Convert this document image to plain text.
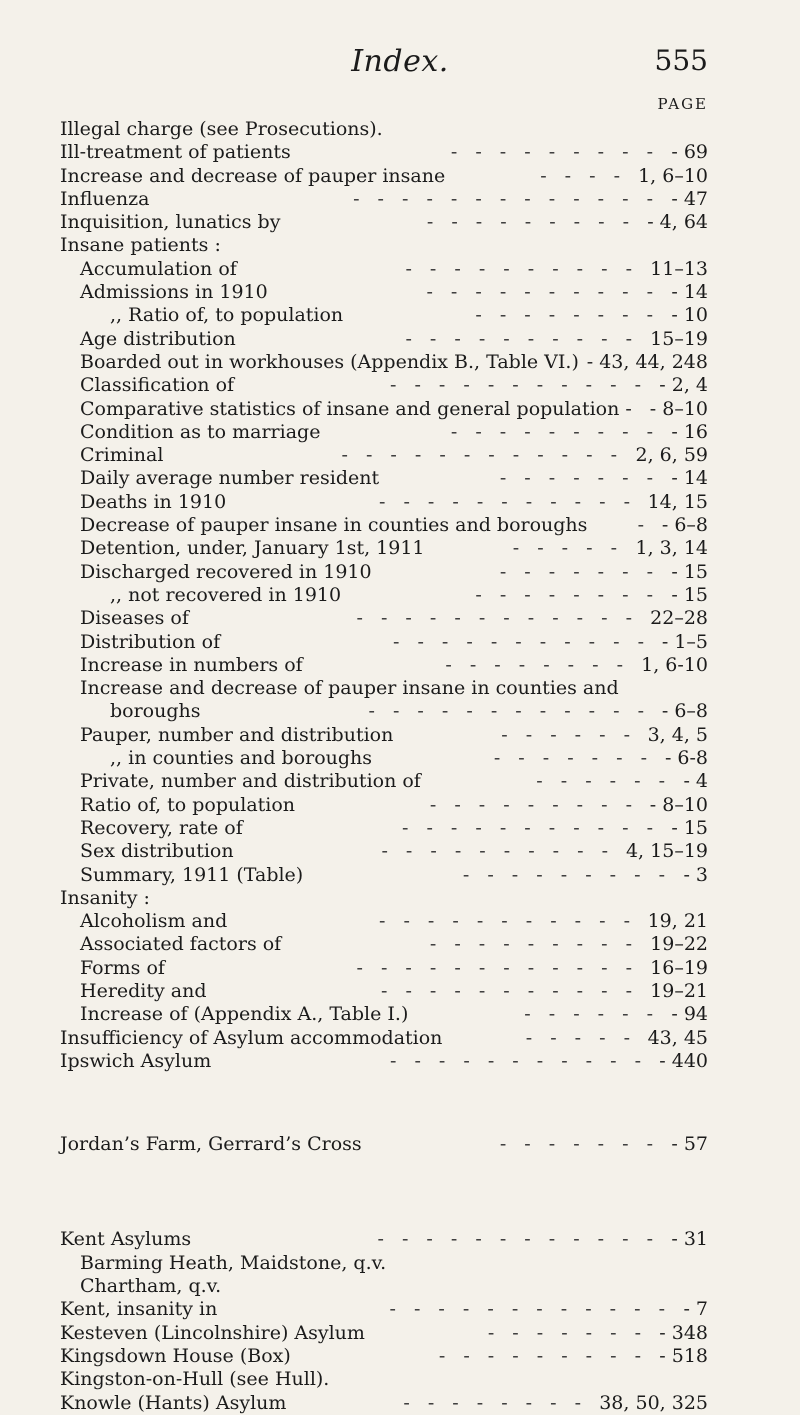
Index.	555
PAGE
Illegal charge (see Prosecutions).
Ill-treatment of patients	- 69
- - - - - - - - -
Increase and decrease of pauper insane	1, 6–10
- - - -
Influenza	- 47
- - - - - - - - - - - - -
Inquisition, lunatics by	- 4, 64
- - - - - - - - -
Insane patients :
Accumulation of	11–13
- - - - - - - - - -
Admissions in 1910	- 14
- - - - - - - - - -
,, Ratio of, to population	- 10
- - - - - - - -
Age distribution	15–19
- - - - - - - - - -
Boarded out in workhouses (Appendix B., Table VI.) - 43, 44, 248
Classification of	- 2, 4
- - - - - - - - - - -
Comparative statistics of insane and general population - - 8–10
Condition as to marriage	- 16
- - - - - - - - -
Criminal	2, 6, 59
- - - - - - - - - - - -
Daily average number resident	- 14
- - - - - - -
Deaths in 1910	14, 15
- - - - - - - - - - -
Decrease of pauper insane in counties and boroughs	- 6–8
-
Detention, under, January 1st, 1911	1, 3, 14
- - - - -
Discharged recovered in 1910	- 15
- - - - - - -
,, not recovered in 1910	- 15
- - - - - - - -
Diseases of	22–28
- - - - - - - - - - - -
Distribution of	- 1–5
- - - - - - - - - - -
Increase in numbers of	1, 6-10
- - - - - - - -
Increase and decrease of pauper insane in counties and
boroughs	- 6–8
- - - - - - - - - - - -
Pauper, number and distribution	3, 4, 5
- - - - - -
,, in counties and boroughs	- 6-8
- - - - - - -
Private, number and distribution of	- 4
- - - - - -
Ratio of, to population	- 8–10
- - - - - - - - -
Recovery, rate of	- 15
- - - - - - - - - - -
Sex distribution	4, 15–19
- - - - - - - - - -
Summary, 1911 (Table)	- 3
- - - - - - - - -
Insanity :
Alcoholism and	19, 21
- - - - - - - - - - -
Associated factors of	19–22
- - - - - - - - -
Forms of	16–19
- - - - - - - - - - - -
Heredity and	19–21
- - - - - - - - - - -
Increase of (Appendix A., Table I.)	- 94
- - - - - -
Insufficiency of Asylum accommodation	43, 45
- - - - -
Ipswich Asylum	- 440
- - - - - - - - - - -
Jordan’s Farm, Gerrard’s Cross	- 57
- - - - - - -
Kent Asylums	- 31
- - - - - - - - - - - -
Barming Heath, Maidstone, q.v.
Chartham, q.v.
Kent, insanity in	- 7
- - - - - - - - - - - -
Kesteven (Lincolnshire) Asylum	- 348
- - - - - - -
Kingsdown House (Box)	- 518
- - - - - - - - -
Kingston-on-Hull (see Hull).
Knowle (Hants) Asylum	38, 50, 325
- - - - - - - -
